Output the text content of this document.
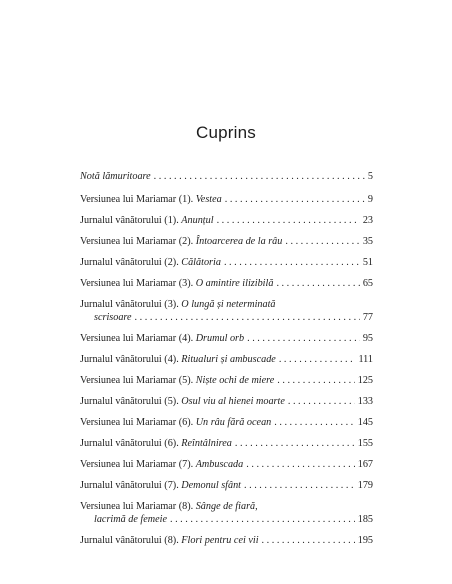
Cuprins
Notă lămuritoare . . .	5
Versiunea lui Mariamar (1). Vestea . . .	9
Jurnalul vânătorului (1). Anunțul . . .	23
Versiunea lui Mariamar (2). Întoarcerea de la râu . . .	35
Jurnalul vânătorului (2). Călătoria . . .	51
Versiunea lui Mariamar (3). O amintire ilizibilă . . .	65
Jurnalul vânătorului (3). O lungă și neterminată
scrisoare . . .	77
Versiunea lui Mariamar (4). Drumul orb . . .	95
Jurnalul vânătorului (4). Ritualuri și ambuscade . . .	111
Versiunea lui Mariamar (5). Niște ochi de miere . . .	125
Jurnalul vânătorului (5). Osul viu al hienei moarte . . .	133
Versiunea lui Mariamar (6). Un râu fără ocean . . .	145
Jurnalul vânătorului (6). Reîntâlnirea . . .	155
Versiunea lui Mariamar (7). Ambuscada . . .	167
Jurnalul vânătorului (7). Demonul sfânt . . .	179
Versiunea lui Mariamar (8). Sânge de fiară,
lacrimă de femeie . . .	185
Jurnalul vânătorului (8). Flori pentru cei vii . . .	195
